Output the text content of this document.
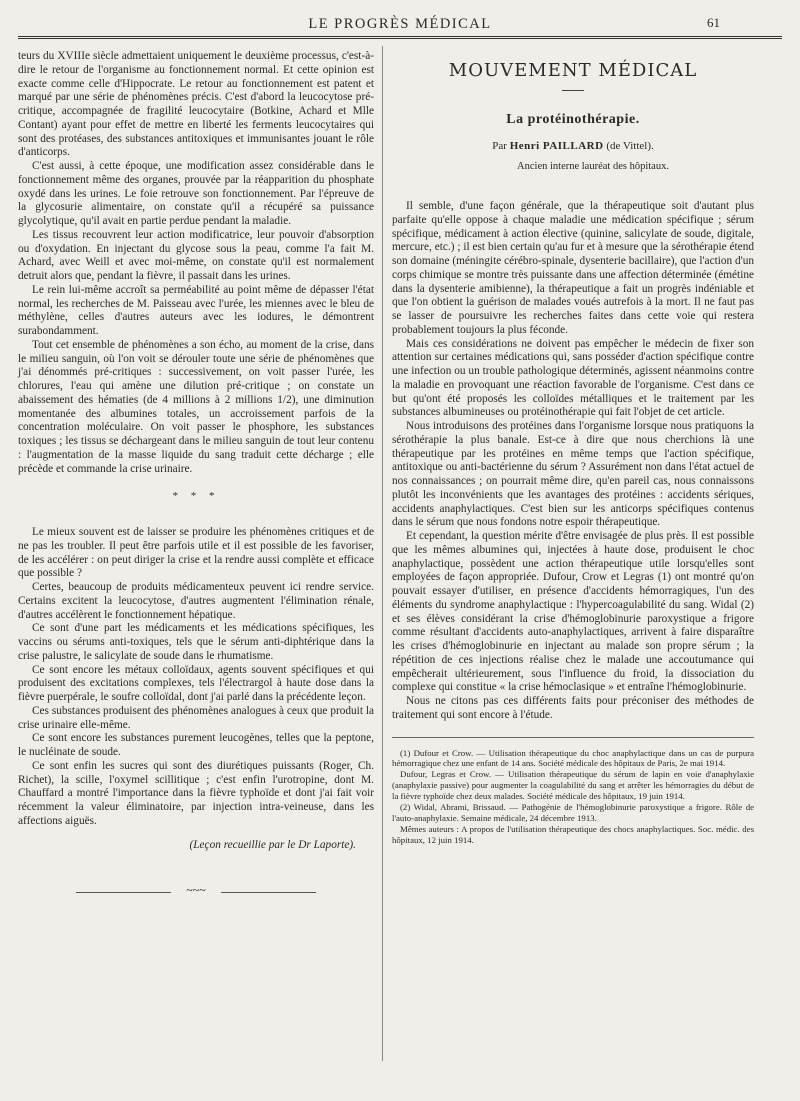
LE PROGRÈS MÉDICAL	61

teurs du XVIIIe siècle admettaient uniquement le deuxième processus, c'est-à-dire le retour de l'organisme au fonctionnement normal. Et cette opinion est exacte comme celle d'Hippocrate. Le retour au fonctionnement est patent et marqué par une série de phénomènes précis. C'est d'abord la leucocytose pré-critique, accompagnée de fragilité leucocytaire (Botkine, Achard et Mlle Contant) ayant pour effet de mettre en liberté les ferments leucocytaires qui sont des protéases, des substances antitoxiques et immunisantes jouant le rôle d'anticorps.

C'est aussi, à cette époque, une modification assez considérable dans le fonctionnement même des organes, prouvée par la réapparition du phosphate oxydé dans les urines. Le foie retrouve son fonctionnement. Par l'épreuve de la glycosurie alimentaire, on constate qu'il a récupéré sa puissance glycolytique, qu'il avait en partie perdue pendant la maladie.

Les tissus recouvrent leur action modificatrice, leur pouvoir d'absorption ou d'oxydation. En injectant du glycose sous la peau, comme l'a fait M. Achard, avec Weill et avec moi-même, on constate qu'il est normalement detruit alors que, pendant la fièvre, il passait dans les urines.

Le rein lui-même accroît sa perméabilité au point même de dépasser l'état normal, les recherches de M. Paisseau avec l'urée, les miennes avec le bleu de méthylène, celles d'autres auteurs avec les iodures, le démontrent surabondamment.

Tout cet ensemble de phénomènes a son écho, au moment de la crise, dans le milieu sanguin, où l'on voit se dérouler toute une série de phénomènes que j'ai dénommés pré-critiques : successivement, on voit passer l'urée, les chlorures, l'eau qui amène une dilution pré-critique ; on constate un abaissement des hématies (de 4 millions à 2 millions 1/2), une diminution momentanée des albumines totales, un accroissement parfois de la concentration moléculaire. On voit passer le phosphore, les substances toxiques ; les tissus se déchargeant dans le milieu sanguin de tout leur contenu : l'augmentation de la masse liquide du sang traduit cette décharge ; elle précède et commande la crise urinaire.

* * *

Le mieux souvent est de laisser se produire les phénomènes critiques et de ne pas les troubler. Il peut être parfois utile et il est possible de les favoriser, de les accélérer : on peut diriger la crise et la rendre aussi complète et efficace que possible ?

Certes, beaucoup de produits médicamenteux peuvent ici rendre service. Certains excitent la leucocytose, d'autres augmentent l'élimination rénale, d'autres accélèrent le fonctionnement hépatique.

Ce sont d'une part les médicaments et les médications spécifiques, les vaccins ou sérums anti-toxiques, tels que le sérum anti-diphtérique dans la crise palustre, le salicylate de soude dans le rhumatisme.

Ce sont encore les métaux colloïdaux, agents souvent spécifiques et qui produisent des excitations complexes, tels l'électrargol à haute dose dans la fièvre puerpérale, le soufre colloïdal, dont j'ai parlé dans la précédente leçon.

Ces substances produisent des phénomènes analogues à ceux que produit la crise urinaire elle-même.

Ce sont encore les substances purement leucogènes, telles que la peptone, le nucléinate de soude.

Ce sont enfin les sucres qui sont des diurétiques puissants (Roger, Ch. Richet), la scille, l'oxymel scillitique ; c'est enfin l'urotropine, dont M. Chauffard a montré l'importance dans la fièvre typhoïde et dont j'ai fait voir récemment la valeur éliminatoire, par injection intra-veineuse, dans les affections aiguës.

(Leçon recueillie par le Dr Laporte).

~~~
MOUVEMENT MÉDICAL
La protéinothérapie.
Par Henri PAILLARD (de Vittel).
Ancien interne lauréat des hôpitaux.

Il semble, d'une façon générale, que la thérapeutique soit d'autant plus parfaite qu'elle oppose à chaque maladie une médication spécifique ; sérum spécifique, médicament à action élective (quinine, salicylate de soude, digitale, mercure, etc.) ; il est bien certain qu'au fur et à mesure que la sérothérapie étend son domaine (méningite cérébro-spinale, dysenterie bacillaire), que l'action d'un corps chimique se montre très puissante dans une affection déterminée (émétine dans la dysenterie amibienne), la thérapeutique a fait un progrès indéniable et que l'on obtient la guérison de malades voués autrefois à la mort. Il ne faut pas se lasser de poursuivre les recherches faites dans cette voie qui restera probablement toujours la plus féconde.

Mais ces considérations ne doivent pas empêcher le médecin de fixer son attention sur certaines médications qui, sans posséder d'action spécifique contre une infection ou un trouble pathologique déterminés, agissent néanmoins contre la maladie en provoquant une réaction favorable de l'organisme. C'est dans ce but qu'ont été proposés les colloïdes métalliques et le traitement par les substances albumineuses ou protéinothérapie qui fait l'objet de cet article.

Nous introduisons des protéines dans l'organisme lorsque nous pratiquons la sérothérapie la plus banale. Est-ce à dire que nous cherchions là une thérapeutique par les protéines en même temps que l'action spécifique, antitoxique ou anti-bactérienne du sérum ? Assurément non dans l'état actuel de nos connaissances ; on pourrait même dire, qu'en pareil cas, nous connaissons plutôt les inconvénients que les avantages des protéines : accidents sériques, accidents anaphylactiques. C'est bien sur les anticorps spécifiques contenus dans le sérum que nous fondons notre espoir thérapeutique.

Et cependant, la question mérite d'être envisagée de plus près. Il est possible que les mêmes albumines qui, injectées à haute dose, produisent le choc anaphylactique, possèdent une action thérapeutique utile lorsqu'elles sont employées de façon appropriée. Dufour, Crow et Legras (1) ont montré qu'on pouvait essayer d'utiliser, en présence d'accidents hémorragiques, l'un des éléments du syndrome anaphylactique : l'hypercoagulabilité du sang. Widal (2) et ses élèves considérant la crise d'hémoglobinurie paroxystique a frigore comme résultant d'accidents auto-anaphylactiques, arrivent à faire disparaître les crises d'hémoglobinurie en injectant au malade son propre sérum ; la répétition de ces injections réalise chez le malade une accoutumance qui empêcherait ultérieurement, sous l'influence du froid, la dissociation du complexe qui constitue « la crise hémoclasique » et entraîne l'hémoglobinurie.

Nous ne citons pas ces différents faits pour préconiser des méthodes de traitement qui sont encore à l'étude.

(1) Dufour et Crow. — Utilisation thérapeutique du choc anaphylactique dans un cas de purpura hémorragique chez une enfant de 14 ans. Société médicale des hôpitaux de Paris, 2e mai 1914.

Dufour, Legras et Crow. — Utilisation thérapeutique du sérum de lapin en voie d'anaphylaxie (anaphylaxie passive) pour augmenter la coagulabilité du sang et arrêter les hémorragies du début de la fièvre typhoïde chez deux malades. Société médicale des hôpitaux, 19 juin 1914.

(2) Widal, Abrami, Brissaud. — Pathogénie de l'hémoglobinurie paroxystique a frigore. Rôle de l'auto-anaphylaxie. Semaine médicale, 24 décembre 1913.

Mêmes auteurs : A propos de l'utilisation thérapeutique des chocs anaphylactiques. Soc. médic. des hôpitaux, 12 juin 1914.
